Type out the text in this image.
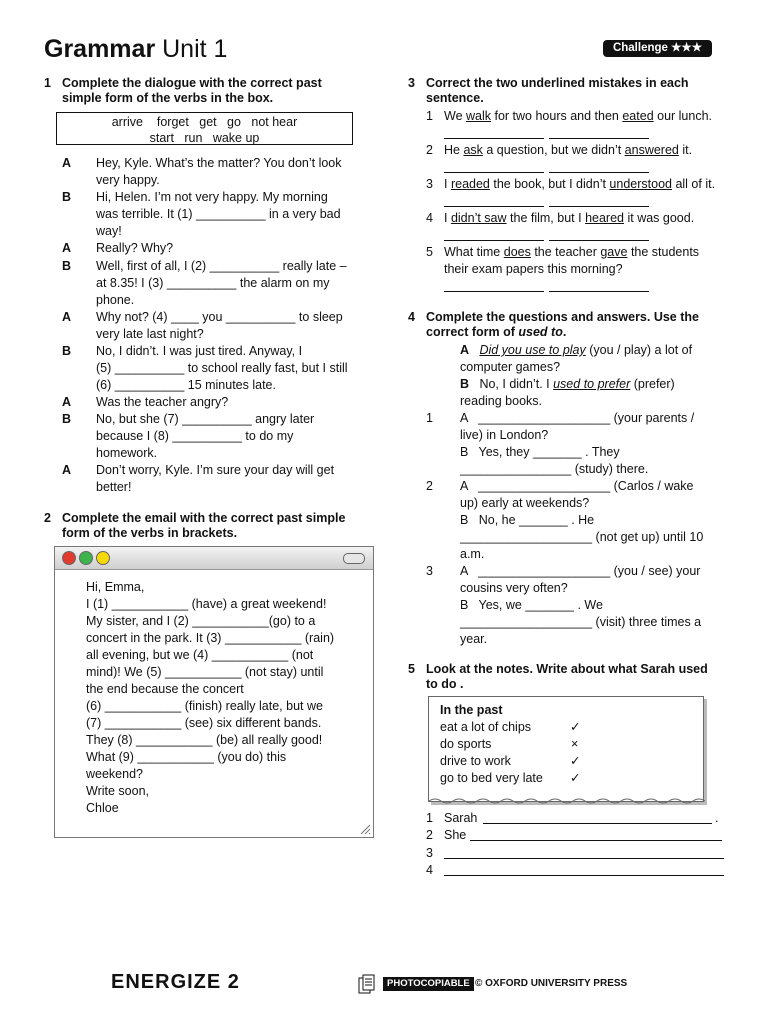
Grammar Unit 1	Challenge ★★★
1 Complete the dialogue with the correct past
simple form of the verbs in the box.
arrive    forget   get   go   not hear
start   run   wake up
A Hey, Kyle. What’s the matter? You don’t look
very happy.
B Hi, Helen. I’m not very happy. My morning
was terrible. It (1) __________ in a very bad
way!
A Really? Why?
B Well, first of all, I (2) __________ really late –
at 8.35! I (3) __________ the alarm on my
phone.
A Why not? (4) ____ you __________ to sleep
very late last night?
B No, I didn’t. I was just tired. Anyway, I
(5) __________ to school really fast, but I still
(6) __________ 15 minutes late.
A Was the teacher angry?
B No, but she (7) __________ angry later
because I (8) __________ to do my
homework.
A Don’t worry, Kyle. I’m sure your day will get
better!
2 Complete the email with the correct past simple
form of the verbs in brackets.
Hi, Emma,
I (1) ___________ (have) a great weekend!
My sister, and I (2) ___________(go) to a
concert in the park. It (3) ___________ (rain)
all evening, but we (4) ___________ (not
mind)! We (5) ___________ (not stay) until
the end because the concert
(6) ___________ (finish) really late, but we
(7) ___________ (see) six different bands.
They (8) ___________ (be) all really good!
What (9) ___________ (you do) this
weekend?
Write soon,
Chloe
3 Correct the two underlined mistakes in each
sentence.
1 We walk for two hours and then eated our lunch.
2 He ask a question, but we didn’t answered it.
3 I readed the book, but I didn’t understood all of it.
4 I didn’t saw the film, but I heared it was good.
5 What time does the teacher gave the students
their exam papers this morning?
4 Complete the questions and answers. Use the
correct form of used to.
A Did you use to play (you / play) a lot of
computer games?
B No, I didn’t. I used to prefer (prefer)
reading books.
1 A   ___________________ (your parents /
live) in London?
B   Yes, they _______ . They
________________ (study) there.
2 A   ___________________ (Carlos / wake
up) early at weekends?
B   No, he _______ . He
___________________ (not get up) until 10
a.m.
3 A   ___________________ (you / see) your
cousins very often?
B   Yes, we _______ . We
___________________ (visit) three times a
year.
5 Look at the notes. Write about what Sarah used
to do .
In the past
eat a lot of chips	✓
do sports	×
drive to work	✓
go to bed very late ✓
1 Sarah	.
2 She
3
4
ENERGIZE 2	PHOTOCOPIABLE © OXFORD UNIVERSITY PRESS
